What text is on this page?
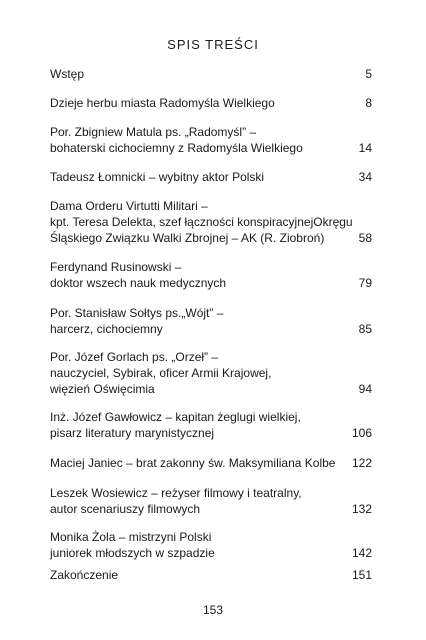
SPIS TREŚCI
Wstęp	5
Dzieje herbu miasta Radomyśla Wielkiego	8
Por. Zbigniew Matula ps. „Radomyśl” –
bohaterski cichociemny z Radomyśla Wielkiego	14
Tadeusz Łomnicki – wybitny aktor Polski	34
Dama Orderu Virtutti Militari –
kpt. Teresa Delekta, szef łączności konspiracyjnejOkręgu
Śląskiego Związku Walki Zbrojnej – AK (R. Ziobroń)	58
Ferdynand Rusinowski –
doktor wszech nauk medycznych	79
Por. Stanisław Sołtys ps.„Wójt” –
harcerz, cichociemny	85
Por. Józef Gorlach ps. „Orzeł” –
nauczyciel, Sybirak, oficer Armii Krajowej,
więzień Oświęcimia	94
Inż. Józef Gawłowicz – kapitan żeglugi wielkiej,
pisarz literatury marynistycznej	106
Maciej Janiec – brat zakonny św. Maksymiliana Kolbe	122
Leszek Wosiewicz – reżyser filmowy i teatralny,
autor scenariuszy filmowych	132
Monika Żola – mistrzyni Polski
juniorek młodszych w szpadzie	142
Zakończenie	151
153
